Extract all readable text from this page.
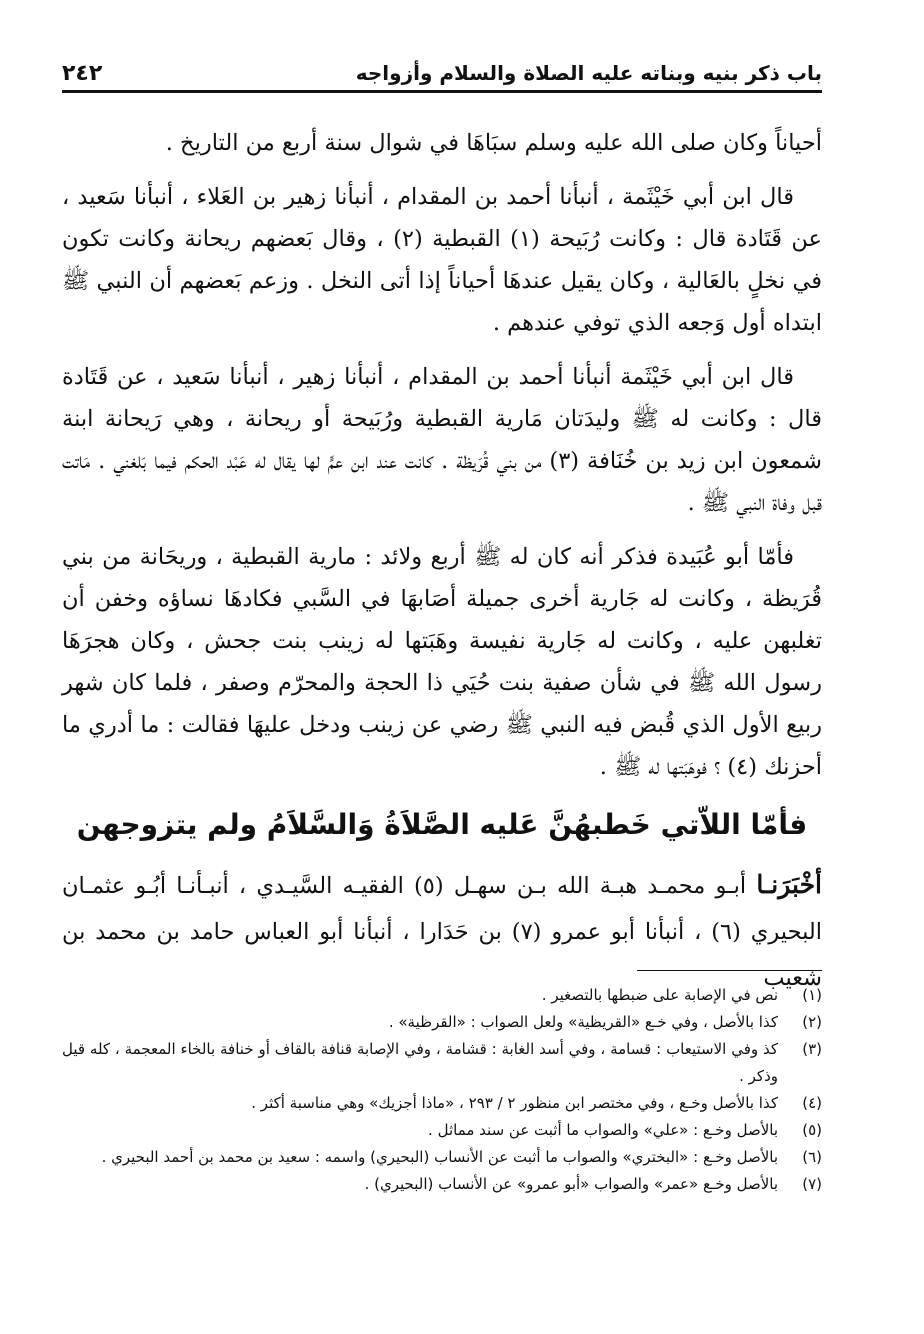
باب ذكر بنيه وبناته عليه الصلاة والسلام وأزواجه
٢٤٢

أحياناً وكان صلى الله عليه وسلم سبَاهَا في شوال سنة أربع من التاريخ .

قال ابن أبي خَيْثَمة ، أنبأنا أحمد بن المقدام ، أنبأنا زهير بن العَلاء ، أنبأنا سَعيد ، عن قَتَادة قال : وكانت رُبَيحة (١) القبطية (٢) ، وقال بَعضهم ريحانة وكانت تكون في نخلٍ بالعَالية ، وكان يقيل عندهَا أحياناً إذا أتى النخل . وزعم بَعضهم أن النبي ﷺ ابتداه أول وَجعه الذي توفي عندهم .

قال ابن أبي خَيْثَمة أنبأنا أحمد بن المقدام ، أنبأنا زهير ، أنبأنا سَعيد ، عن قَتَادة قال : وكانت له ﷺ وليدَتان مَارية القبطية ورُبَيحة أو ريحانة ، وهي رَيحانة ابنة شمعون ابن زيد بن خُنَافة (٣) من بني قُرَيظة . كانت عند ابن عمٍّ لها يقال له عَبْد الحكم فيما بَلغني . مَاتت قبل وفاة النبي ﷺ .

فأمّا أبو عُبَيدة فذكر أنه كان له ﷺ أربع ولائد : مارية القبطية ، وريحَانة من بني قُرَيظة ، وكانت له جَارية أخرى جميلة أصَابهَا في السَّبي فكادهَا نساؤه وخفن أن تغلبهن عليه ، وكانت له جَارية نفيسة وهَبَتها له زينب بنت جحش ، وكان هجرَهَا رسول الله ﷺ في شأن صفية بنت حُيَي ذا الحجة والمحرّم وصفر ، فلما كان شهر ربيع الأول الذي قُبض فيه النبي ﷺ رضي عن زينب ودخل عليهَا فقالت : ما أدري ما أحزنك (٤) ؟ فوهَبَتها له ﷺ .

فأمّا اللاّتي خَطبهُنَّ عَليه الصَّلاَةُ وَالسَّلاَمُ ولم يتزوجهن

أخْبَرَنـا أبـو محمـد هبـة الله بـن سهـل (٥) الفقيـه السَّيـدي ، أنبـأنـا أبُـو عثمـان البحيري (٦) ، أنبأنا أبو عمرو (٧) بن حَدَارا ، أنبأنا أبو العباس حامد بن محمد بن شعيب

(١)
نص في الإصابة على ضبطها بالتصغير .
(٢)
كذا بالأصل ، وفي خـع «القريظية» ولعل الصواب : «القرظية» .
(٣)
كذ وفي الاستيعاب : قسامة ، وفي أسد الغابة : قشامة ، وفي الإصابة قنافة بالقاف أو خنافة بالخاء المعجمة ، كله قيل وذكر .
(٤)
كذا بالأصل وخـع ، وفي مختصر ابن منظور ٢ / ٢٩٣ ، «ماذا أجزيك» وهي مناسبة أكثر .
(٥)
بالأصل وخـع : «علي» والصواب ما أثبت عن سند مماثل .
(٦)
بالأصل وخـع : «البختري» والصواب ما أثبت عن الأنساب (البحيري) واسمه : سعيد بن محمد بن أحمد البحيري .
(٧)
بالأصل وخـع «عمر» والصواب «أبو عمرو» عن الأنساب (البحيري) .
